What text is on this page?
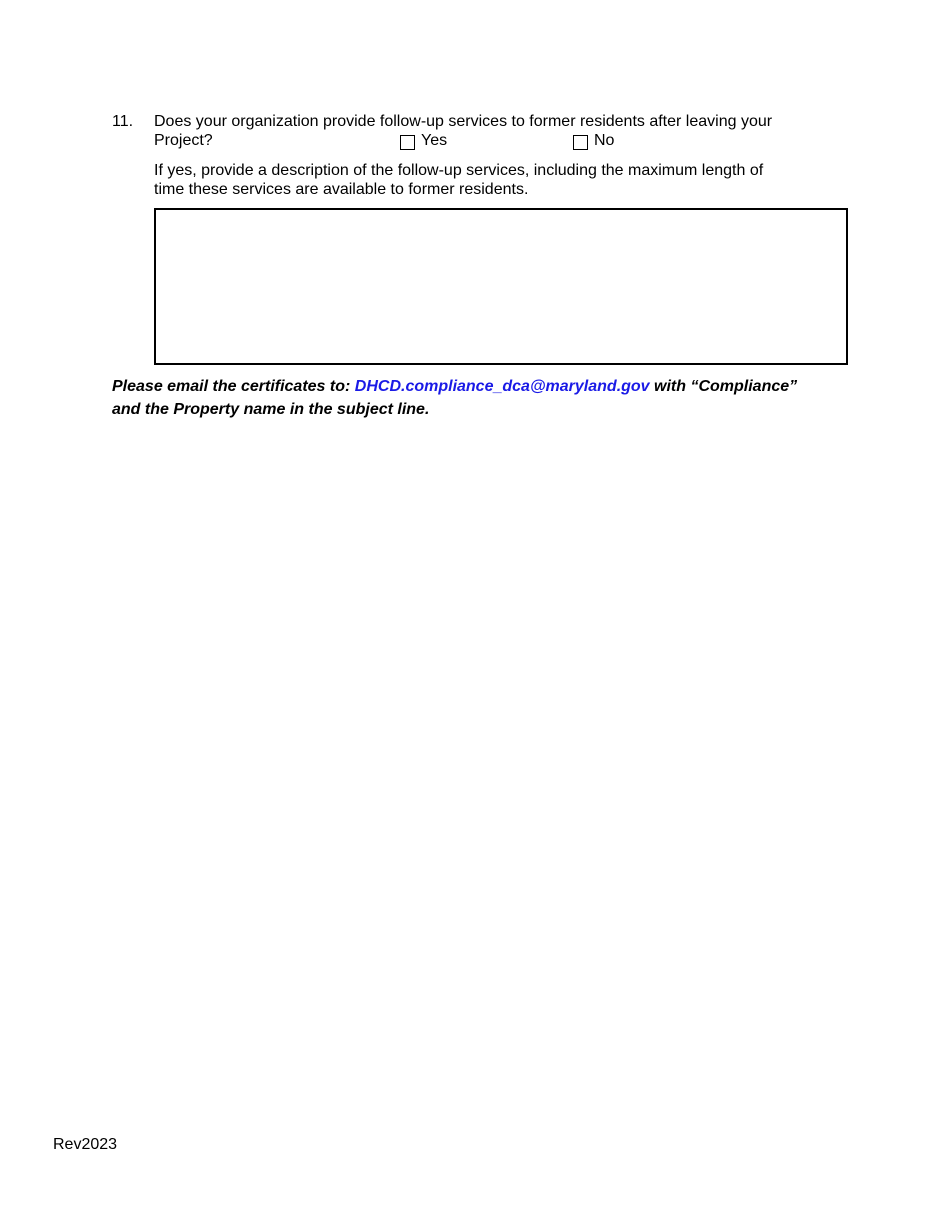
11. Does your organization provide follow-up services to former residents after leaving your
Project?	Yes	No
If yes, provide a description of the follow-up services, including the maximum length of
time these services are available to former residents.
Please email the certificates to: DHCD.compliance_dca@maryland.gov with “Compliance”
and the Property name in the subject line.
Rev2023
